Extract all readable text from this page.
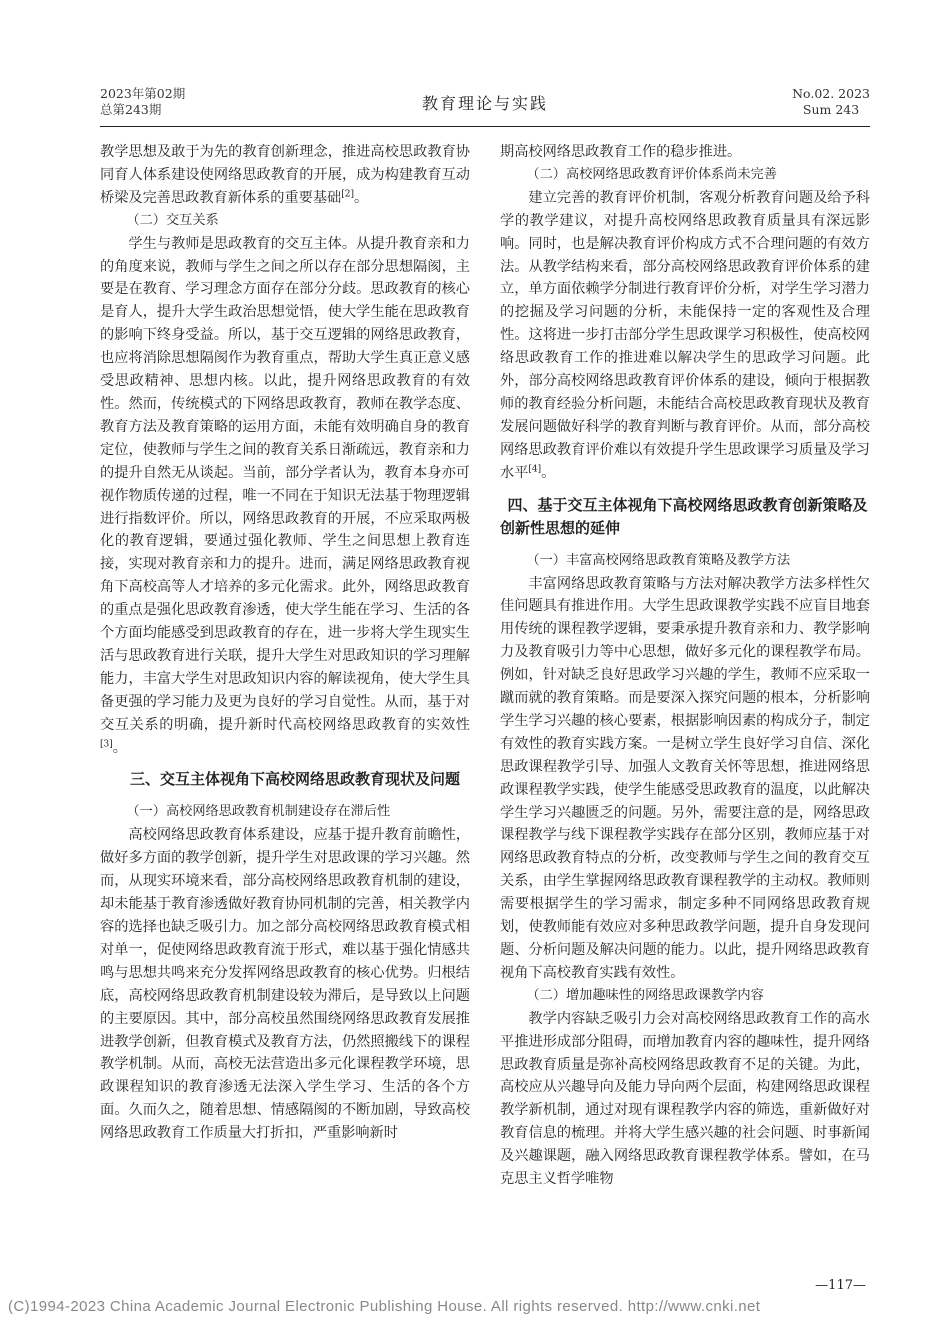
2023年第02期
总第243期	教育理论与实践
No.02. 2023
Sum 243

教学思想及敢于为先的教育创新理念，推进高校思政教育协同育人体系建设使网络思政教育的开展，成为构建教育互动桥梁及完善思政教育新体系的重要基础[2]。

（二）交互关系

学生与教师是思政教育的交互主体。从提升教育亲和力的角度来说，教师与学生之间之所以存在部分思想隔阂，主要是在教育、学习理念方面存在部分分歧。思政教育的核心是育人，提升大学生政治思想觉悟，使大学生能在思政教育的影响下终身受益。所以，基于交互逻辑的网络思政教育，也应将消除思想隔阂作为教育重点，帮助大学生真正意义感受思政精神、思想内核。以此，提升网络思政教育的有效性。然而，传统模式的下网络思政教育，教师在教学态度、教育方法及教育策略的运用方面，未能有效明确自身的教育定位，使教师与学生之间的教育关系日渐疏远，教育亲和力的提升自然无从谈起。当前，部分学者认为，教育本身亦可视作物质传递的过程，唯一不同在于知识无法基于物理逻辑进行指数评价。所以，网络思政教育的开展，不应采取两极化的教育逻辑，要通过强化教师、学生之间思想上教育连接，实现对教育亲和力的提升。进而，满足网络思政教育视角下高校高等人才培养的多元化需求。此外，网络思政教育的重点是强化思政教育渗透，使大学生能在学习、生活的各个方面均能感受到思政教育的存在，进一步将大学生现实生活与思政教育进行关联，提升大学生对思政知识的学习理解能力，丰富大学生对思政知识内容的解读视角，使大学生具备更强的学习能力及更为良好的学习自觉性。从而，基于对交互关系的明确，提升新时代高校网络思政教育的实效性[3]。

三、交互主体视角下高校网络思政教育现状及问题
（一）高校网络思政教育机制建设存在滞后性

高校网络思政教育体系建设，应基于提升教育前瞻性，做好多方面的教学创新，提升学生对思政课的学习兴趣。然而，从现实环境来看，部分高校网络思政教育机制的建设，却未能基于教育渗透做好教育协同机制的完善，相关教学内容的选择也缺乏吸引力。加之部分高校网络思政教育模式相对单一，促使网络思政教育流于形式，难以基于强化情感共鸣与思想共鸣来充分发挥网络思政教育的核心优势。归根结底，高校网络思政教育机制建设较为滞后，是导致以上问题的主要原因。其中，部分高校虽然围绕网络思政教育发展推进教学创新，但教育模式及教育方法，仍然照搬线下的课程教学机制。从而，高校无法营造出多元化课程教学环境，思政课程知识的教育渗透无法深入学生学习、生活的各个方面。久而久之，随着思想、情感隔阂的不断加剧，导致高校网络思政教育工作质量大打折扣，严重影响新时

期高校网络思政教育工作的稳步推进。

（二）高校网络思政教育评价体系尚未完善

建立完善的教育评价机制，客观分析教育问题及给予科学的教学建议，对提升高校网络思政教育质量具有深远影响。同时，也是解决教育评价构成方式不合理问题的有效方法。从教学结构来看，部分高校网络思政教育评价体系的建立，单方面依赖学分制进行教育评价分析，对学生学习潜力的挖掘及学习问题的分析，未能保持一定的客观性及合理性。这将进一步打击部分学生思政课学习积极性，使高校网络思政教育工作的推进难以解决学生的思政学习问题。此外，部分高校网络思政教育评价体系的建设，倾向于根据教师的教育经验分析问题，未能结合高校思政教育现状及教育发展问题做好科学的教育判断与教育评价。从而，部分高校网络思政教育评价难以有效提升学生思政课学习质量及学习水平[4]。

四、基于交互主体视角下高校网络思政教育创新策略及创新性思想的延伸
（一）丰富高校网络思政教育策略及教学方法

丰富网络思政教育策略与方法对解决教学方法多样性欠佳问题具有推进作用。大学生思政课教学实践不应盲目地套用传统的课程教学逻辑，要秉承提升教育亲和力、教学影响力及教育吸引力等中心思想，做好多元化的课程教学布局。例如，针对缺乏良好思政学习兴趣的学生，教师不应采取一蹴而就的教育策略。而是要深入探究问题的根本，分析影响学生学习兴趣的核心要素，根据影响因素的构成分子，制定有效性的教育实践方案。一是树立学生良好学习自信、深化思政课程教学引导、加强人文教育关怀等思想，推进网络思政课程教学实践，使学生能感受思政教育的温度，以此解决学生学习兴趣匮乏的问题。另外，需要注意的是，网络思政课程教学与线下课程教学实践存在部分区别，教师应基于对网络思政教育特点的分析，改变教师与学生之间的教育交互关系，由学生掌握网络思政教育课程教学的主动权。教师则需要根据学生的学习需求，制定多种不同网络思政教育规划，使教师能有效应对多种思政教学问题，提升自身发现问题、分析问题及解决问题的能力。以此，提升网络思政教育视角下高校教育实践有效性。

（二）增加趣味性的网络思政课教学内容

教学内容缺乏吸引力会对高校网络思政教育工作的高水平推进形成部分阻碍，而增加教育内容的趣味性，提升网络思政教育质量是弥补高校网络思政教育不足的关键。为此，高校应从兴趣导向及能力导向两个层面，构建网络思政课程教学新机制，通过对现有课程教学内容的筛选，重新做好对教育信息的梳理。并将大学生感兴趣的社会问题、时事新闻及兴趣课题，融入网络思政教育课程教学体系。譬如，在马克思主义哲学唯物

—117—
(C)1994-2023 China Academic Journal Electronic Publishing House. All rights reserved. http://www.cnki.net
